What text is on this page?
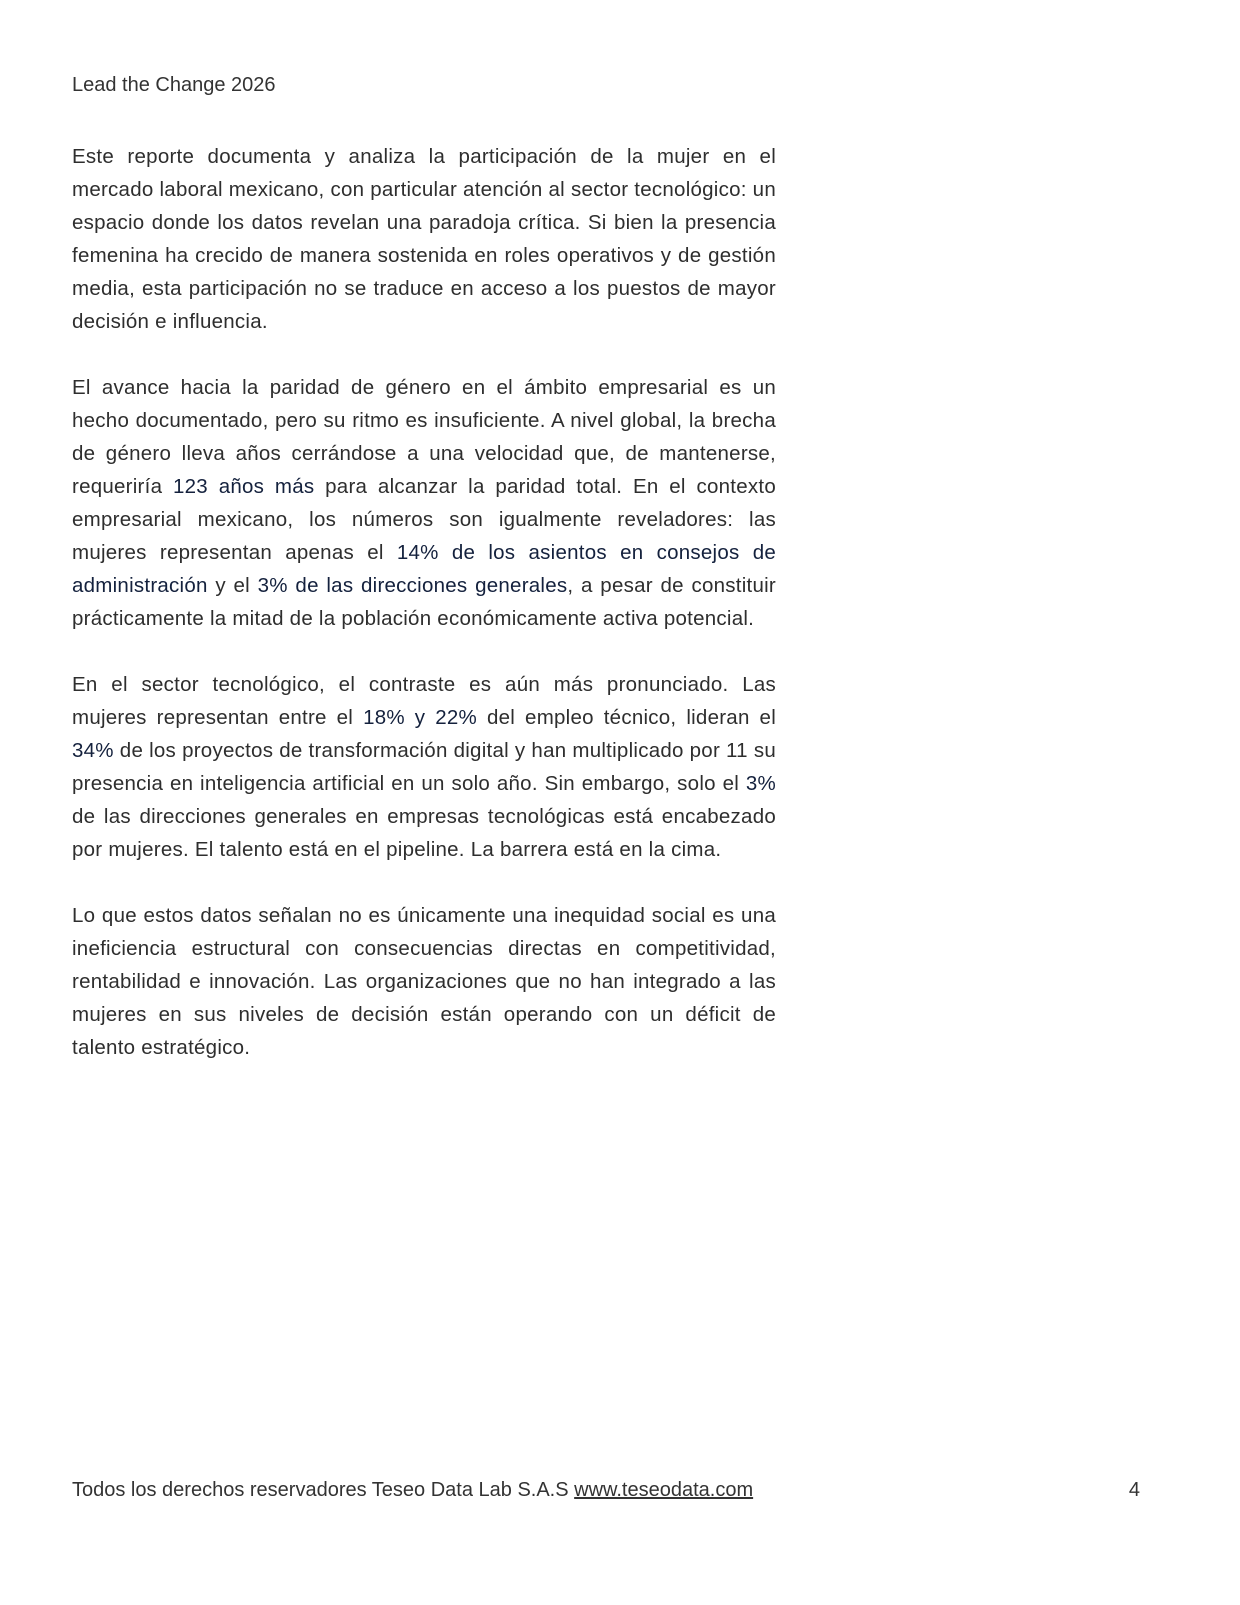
Lead the Change 2026

Este reporte documenta y analiza la participación de la mujer en el mercado laboral mexicano, con particular atención al sector tecnológico: un espacio donde los datos revelan una paradoja crítica. Si bien la presencia femenina ha crecido de manera sostenida en roles operativos y de gestión media, esta participación no se traduce en acceso a los puestos de mayor decisión e influencia.

El avance hacia la paridad de género en el ámbito empresarial es un hecho documentado, pero su ritmo es insuficiente. A nivel global, la brecha de género lleva años cerrándose a una velocidad que, de mantenerse, requeriría 123 años más para alcanzar la paridad total. En el contexto empresarial mexicano, los números son igualmente reveladores: las mujeres representan apenas el 14% de los asientos en consejos de administración y el 3% de las direcciones generales, a pesar de constituir prácticamente la mitad de la población económicamente activa potencial.

En el sector tecnológico, el contraste es aún más pronunciado. Las mujeres representan entre el 18% y 22% del empleo técnico, lideran el 34% de los proyectos de transformación digital y han multiplicado por 11 su presencia en inteligencia artificial en un solo año. Sin embargo, solo el 3% de las direcciones generales en empresas tecnológicas está encabezado por mujeres. El talento está en el pipeline. La barrera está en la cima.

Lo que estos datos señalan no es únicamente una inequidad social es una ineficiencia estructural con consecuencias directas en competitividad, rentabilidad e innovación. Las organizaciones que no han integrado a las mujeres en sus niveles de decisión están operando con un déficit de talento estratégico.

Todos los derechos reservadores Teseo Data Lab S.A.S www.teseodata.com	4
